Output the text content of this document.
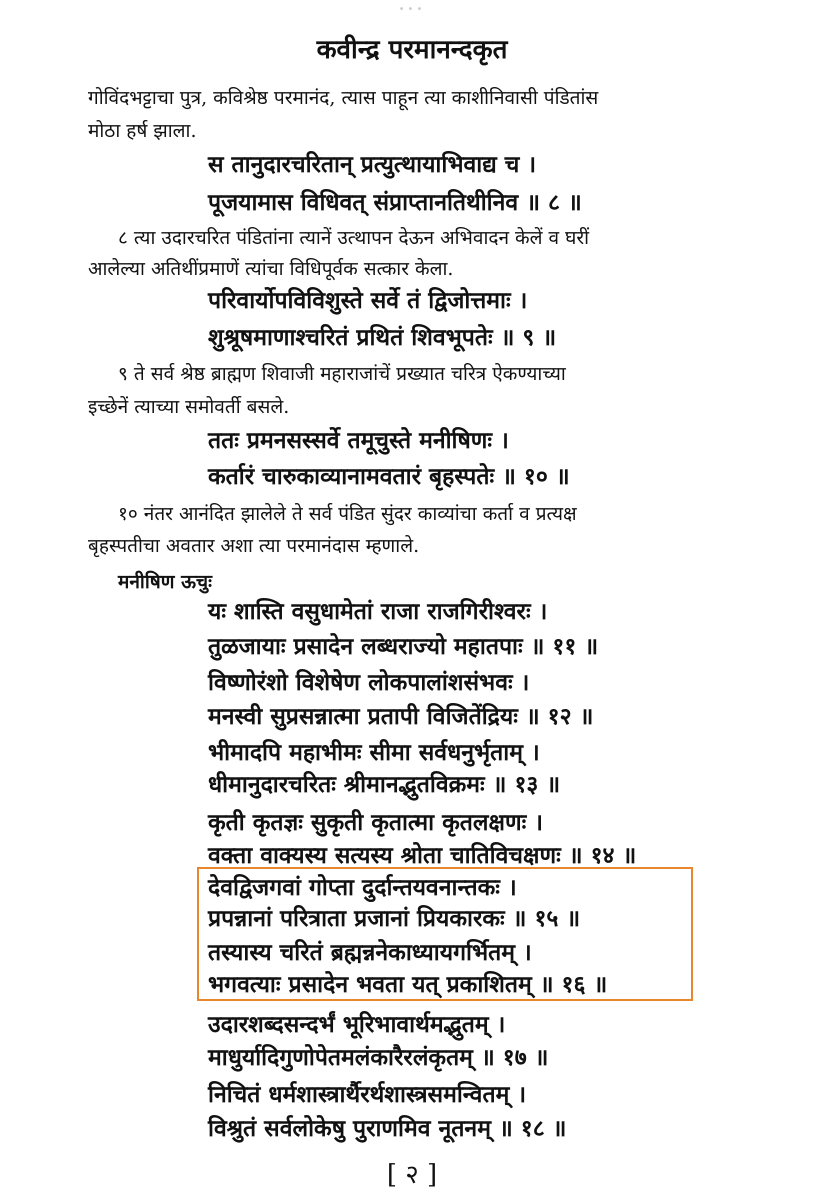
•••
कवीन्द्र परमानन्दकृत
गोविंदभट्टाचा पुत्र, कविश्रेष्ठ परमानंद, त्यास पाहून त्या काशीनिवासी पंडितांस
मोठा हर्ष झाला.
स तानुदारचरितान् प्रत्युत्थायाभिवाद्य च ।
पूजयामास विधिवत् संप्राप्तानतिथीनिव ॥ ८ ॥
८ त्या उदारचरित पंडितांना त्यानें उत्थापन देऊन अभिवादन केलें व घरीं
आलेल्या अतिथींप्रमाणें त्यांचा विधिपूर्वक सत्कार केला.
परिवार्योपविविशुस्ते सर्वे तं द्विजोत्तमाः ।
शुश्रूषमाणाश्चरितं प्रथितं शिवभूपतेः ॥ ९ ॥
९ ते सर्व श्रेष्ठ ब्राह्मण शिवाजी महाराजांचें प्रख्यात चरित्र ऐकण्याच्या
इच्छेनें त्याच्या समोवर्ती बसले.
ततः प्रमनसस्सर्वे तमूचुस्ते मनीषिणः ।
कर्तारं चारुकाव्यानामवतारं बृहस्पतेः ॥ १० ॥
१० नंतर आनंदित झालेले ते सर्व पंडित सुंदर काव्यांचा कर्ता व प्रत्यक्ष
बृहस्पतीचा अवतार अशा त्या परमानंदास म्हणाले.
मनीषिण ऊचुः
यः शास्ति वसुधामेतां राजा राजगिरीश्वरः ।
तुळजायाः प्रसादेन लब्धराज्यो महातपाः ॥ ११ ॥
विष्णोरंशो विशेषेण लोकपालांशसंभवः ।
मनस्वी सुप्रसन्नात्मा प्रतापी विजितेंद्रियः ॥ १२ ॥
भीमादपि महाभीमः सीमा सर्वधनुर्भृताम् ।
धीमानुदारचरितः श्रीमानद्भुतविक्रमः ॥ १३ ॥
कृती कृतज्ञः सुकृती कृतात्मा कृतलक्षणः ।
वक्ता वाक्यस्य सत्यस्य श्रोता चातिविचक्षणः ॥ १४ ॥
देवद्विजगवां गोप्ता दुर्दान्तयवनान्तकः ।
प्रपन्नानां परित्राता प्रजानां प्रियकारकः ॥ १५ ॥
तस्यास्य चरितं ब्रह्मन्ननेकाध्यायगर्भितम् ।
भगवत्याः प्रसादेन भवता यत् प्रकाशितम् ॥ १६ ॥
उदारशब्दसन्दर्भं भूरिभावार्थमद्भुतम् ।
माधुर्यादिगुणोपेतमलंकारैरलंकृतम् ॥ १७ ॥
निचितं धर्मशास्त्रार्थैरर्थशास्त्रसमन्वितम् ।
विश्रुतं सर्वलोकेषु पुराणमिव नूतनम् ॥ १८ ॥
[ २ ]
